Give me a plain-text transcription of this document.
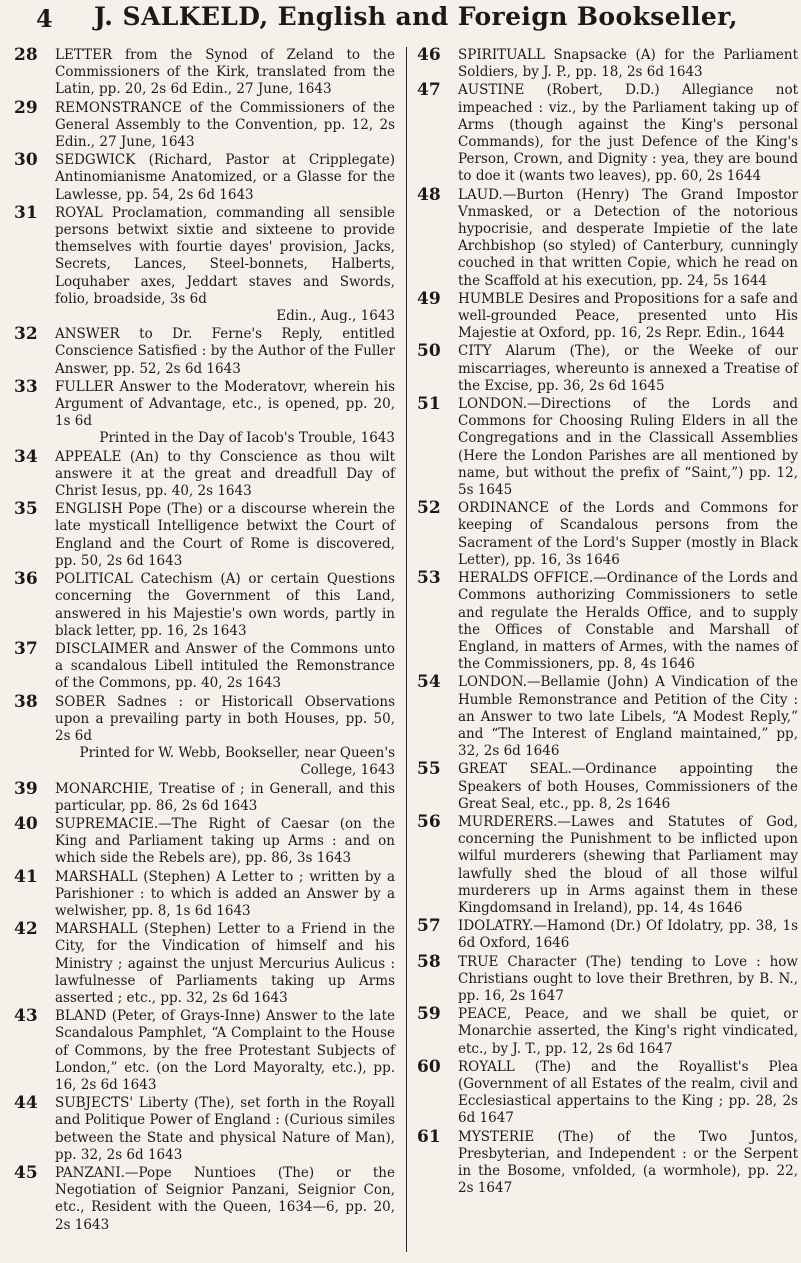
4 J. SALKELD, English and Foreign Bookseller,
28 LETTER from the Synod of Zeland to the Commissioners of the Kirk, translated from the Latin, pp. 20, 2s 6d Edin., 27 June, 1643
29 REMONSTRANCE of the Commissioners of the General Assembly to the Convention, pp. 12, 2s Edin., 27 June, 1643
30 SEDGWICK (Richard, Pastor at Cripplegate) Antinomianisme Anatomized, or a Glasse for the Lawlesse, pp. 54, 2s 6d 1643
31 ROYAL Proclamation, commanding all sensible persons betwixt sixtie and sixteene to provide themselves with fourtie dayes' provision, Jacks, Secrets, Lances, Steel-bonnets, Halberts, Loquhaber axes, Jeddart staves and Swords, folio, broadside, 3s 6d
Edin., Aug., 1643
32 ANSWER to Dr. Ferne's Reply, entitled Conscience Satisfied : by the Author of the Fuller Answer, pp. 52, 2s 6d 1643
33 FULLER Answer to the Moderatovr, wherein his Argument of Advantage, etc., is opened, pp. 20, 1s 6d
Printed in the Day of Iacob's Trouble, 1643
34 APPEALE (An) to thy Conscience as thou wilt answere it at the great and dreadfull Day of Christ Iesus, pp. 40, 2s 1643
35 ENGLISH Pope (The) or a discourse wherein the late mysticall Intelligence betwixt the Court of England and the Court of Rome is discovered, pp. 50, 2s 6d 1643
36 POLITICAL Catechism (A) or certain Questions concerning the Government of this Land, answered in his Majestie's own words, partly in black letter, pp. 16, 2s 1643
37 DISCLAIMER and Answer of the Commons unto a scandalous Libell intituled the Remonstrance of the Commons, pp. 40, 2s 1643
38 SOBER Sadnes : or Historicall Observations upon a prevailing party in both Houses, pp. 50, 2s 6d
Printed for W. Webb, Bookseller, near Queen's College, 1643
39 MONARCHIE, Treatise of ; in Generall, and this particular, pp. 86, 2s 6d 1643
40 SUPREMACIE.—The Right of Caesar (on the King and Parliament taking up Arms : and on which side the Rebels are), pp. 86, 3s 1643
41 MARSHALL (Stephen) A Letter to ; written by a Parishioner : to which is added an Answer by a welwisher, pp. 8, 1s 6d 1643
42 MARSHALL (Stephen) Letter to a Friend in the City, for the Vindication of himself and his Ministry ; against the unjust Mercurius Aulicus : lawfulnesse of Parliaments taking up Arms asserted ; etc., pp. 32, 2s 6d 1643
43 BLAND (Peter, of Grays-Inne) Answer to the late Scandalous Pamphlet, “A Complaint to the House of Commons, by the free Protestant Subjects of London,” etc. (on the Lord Mayoralty, etc.), pp. 16, 2s 6d 1643
44 SUBJECTS' Liberty (The), set forth in the Royall and Politique Power of England : (Curious similes between the State and physical Nature of Man), pp. 32, 2s 6d 1643
45 PANZANI.—Pope Nuntioes (The) or the Negotiation of Seignior Panzani, Seignior Con, etc., Resident with the Queen, 1634—6, pp. 20, 2s 1643
46 SPIRITUALL Snapsacke (A) for the Parliament Soldiers, by J. P., pp. 18, 2s 6d 1643
47 AUSTINE (Robert, D.D.) Allegiance not impeached : viz., by the Parliament taking up of Arms (though against the King's personal Commands), for the just Defence of the King's Person, Crown, and Dignity : yea, they are bound to doe it (wants two leaves), pp. 60, 2s 1644
48 LAUD.—Burton (Henry) The Grand Impostor Vnmasked, or a Detection of the notorious hypocrisie, and desperate Impietie of the late Archbishop (so styled) of Canterbury, cunningly couched in that written Copie, which he read on the Scaffold at his execution, pp. 24, 5s 1644
49 HUMBLE Desires and Propositions for a safe and well-grounded Peace, presented unto His Majestie at Oxford, pp. 16, 2s Repr. Edin., 1644
50 CITY Alarum (The), or the Weeke of our miscarriages, whereunto is annexed a Treatise of the Excise, pp. 36, 2s 6d 1645
51 LONDON.—Directions of the Lords and Commons for Choosing Ruling Elders in all the Congregations and in the Classicall Assemblies (Here the London Parishes are all mentioned by name, but without the prefix of “Saint,”) pp. 12, 5s 1645
52 ORDINANCE of the Lords and Commons for keeping of Scandalous persons from the Sacrament of the Lord's Supper (mostly in Black Letter), pp. 16, 3s 1646
53 HERALDS OFFICE.—Ordinance of the Lords and Commons authorizing Commissioners to setle and regulate the Heralds Office, and to supply the Offices of Constable and Marshall of England, in matters of Armes, with the names of the Commissioners, pp. 8, 4s 1646
54 LONDON.—Bellamie (John) A Vindication of the Humble Remonstrance and Petition of the City : an Answer to two late Libels, “A Modest Reply,” and “The Interest of England maintained,” pp, 32, 2s 6d 1646
55 GREAT SEAL.—Ordinance appointing the Speakers of both Houses, Commissioners of the Great Seal, etc., pp. 8, 2s 1646
56 MURDERERS.—Lawes and Statutes of God, concerning the Punishment to be inflicted upon wilful murderers (shewing that Parliament may lawfully shed the bloud of all those wilful murderers up in Arms against them in these Kingdomsand in Ireland), pp. 14, 4s 1646
57 IDOLATRY.—Hamond (Dr.) Of Idolatry, pp. 38, 1s 6d Oxford, 1646
58 TRUE Character (The) tending to Love : how Christians ought to love their Brethren, by B. N., pp. 16, 2s 1647
59 PEACE, Peace, and we shall be quiet, or Monarchie asserted, the King's right vindicated, etc., by J. T., pp. 12, 2s 6d 1647
60 ROYALL (The) and the Royallist's Plea (Government of all Estates of the realm, civil and Ecclesiastical appertains to the King ; pp. 28, 2s 6d 1647
61 MYSTERIE (The) of the Two Juntos, Presbyterian, and Independent : or the Serpent in the Bosome, vnfolded, (a wormhole), pp. 22, 2s 1647
